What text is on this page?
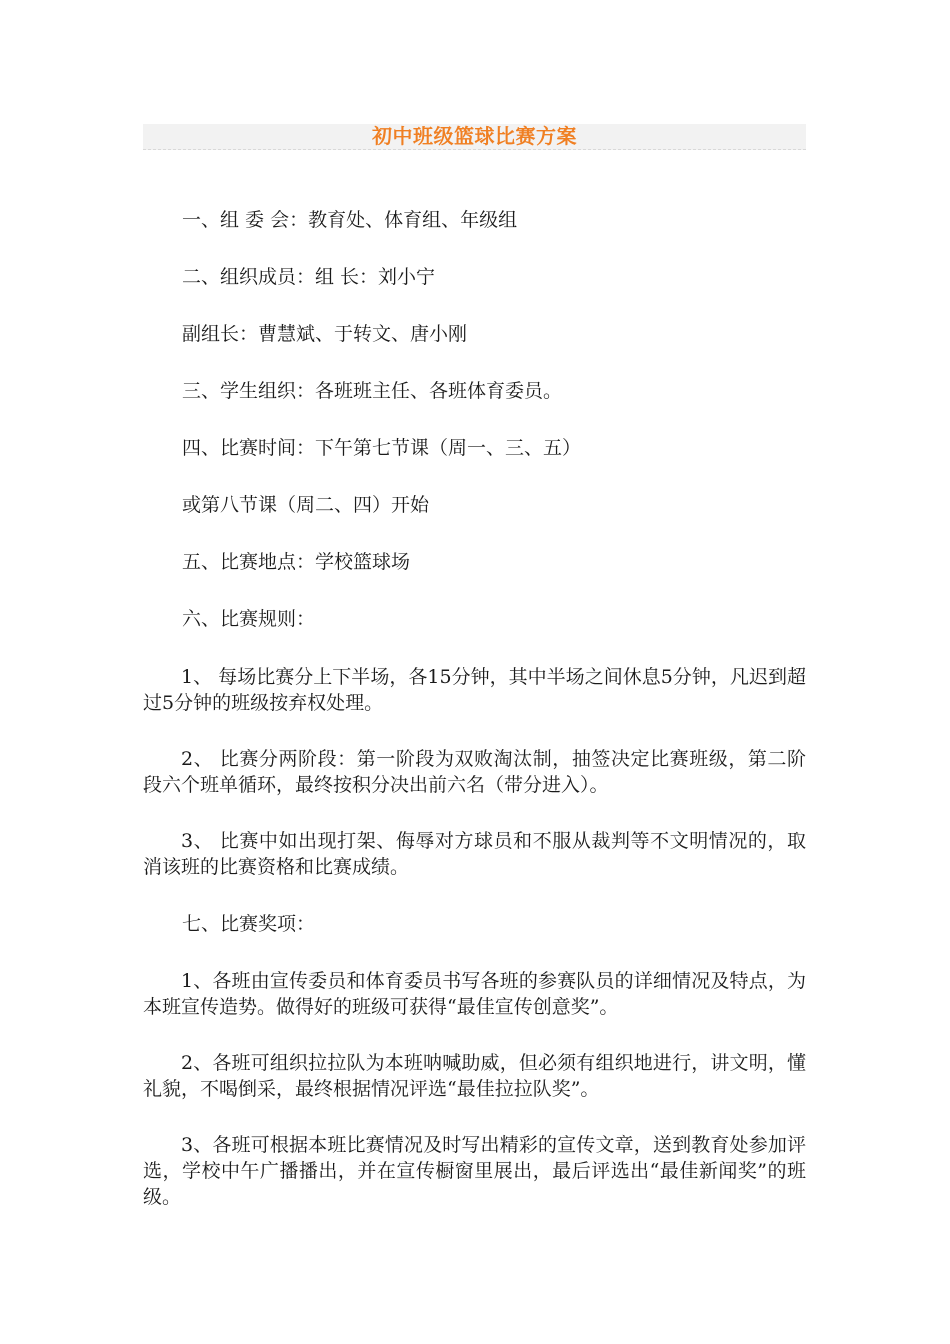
初中班级篮球比赛方案
一、组 委 会：教育处、体育组、年级组
二、组织成员：组 长：刘小宁
副组长：曹慧斌、于转文、唐小刚
三、学生组织：各班班主任、各班体育委员。
四、比赛时间：下午第七节课（周一、三、五）
或第八节课（周二、四）开始
五、比赛地点：学校篮球场
六、比赛规则：
1、 每场比赛分上下半场，各15分钟，其中半场之间休息5分钟，凡迟到超过5分钟的班级按弃权处理。
2、 比赛分两阶段：第一阶段为双败淘汰制，抽签决定比赛班级，第二阶段六个班单循环，最终按积分决出前六名（带分进入）。
3、 比赛中如出现打架、侮辱对方球员和不服从裁判等不文明情况的，取消该班的比赛资格和比赛成绩。
七、比赛奖项：
1、各班由宣传委员和体育委员书写各班的参赛队员的详细情况及特点，为本班宣传造势。做得好的班级可获得“最佳宣传创意奖”。
2、各班可组织拉拉队为本班呐喊助威，但必须有组织地进行，讲文明，懂礼貌，不喝倒采，最终根据情况评选“最佳拉拉队奖”。
3、各班可根据本班比赛情况及时写出精彩的宣传文章，送到教育处参加评选，学校中午广播播出，并在宣传橱窗里展出，最后评选出“最佳新闻奖”的班级。
